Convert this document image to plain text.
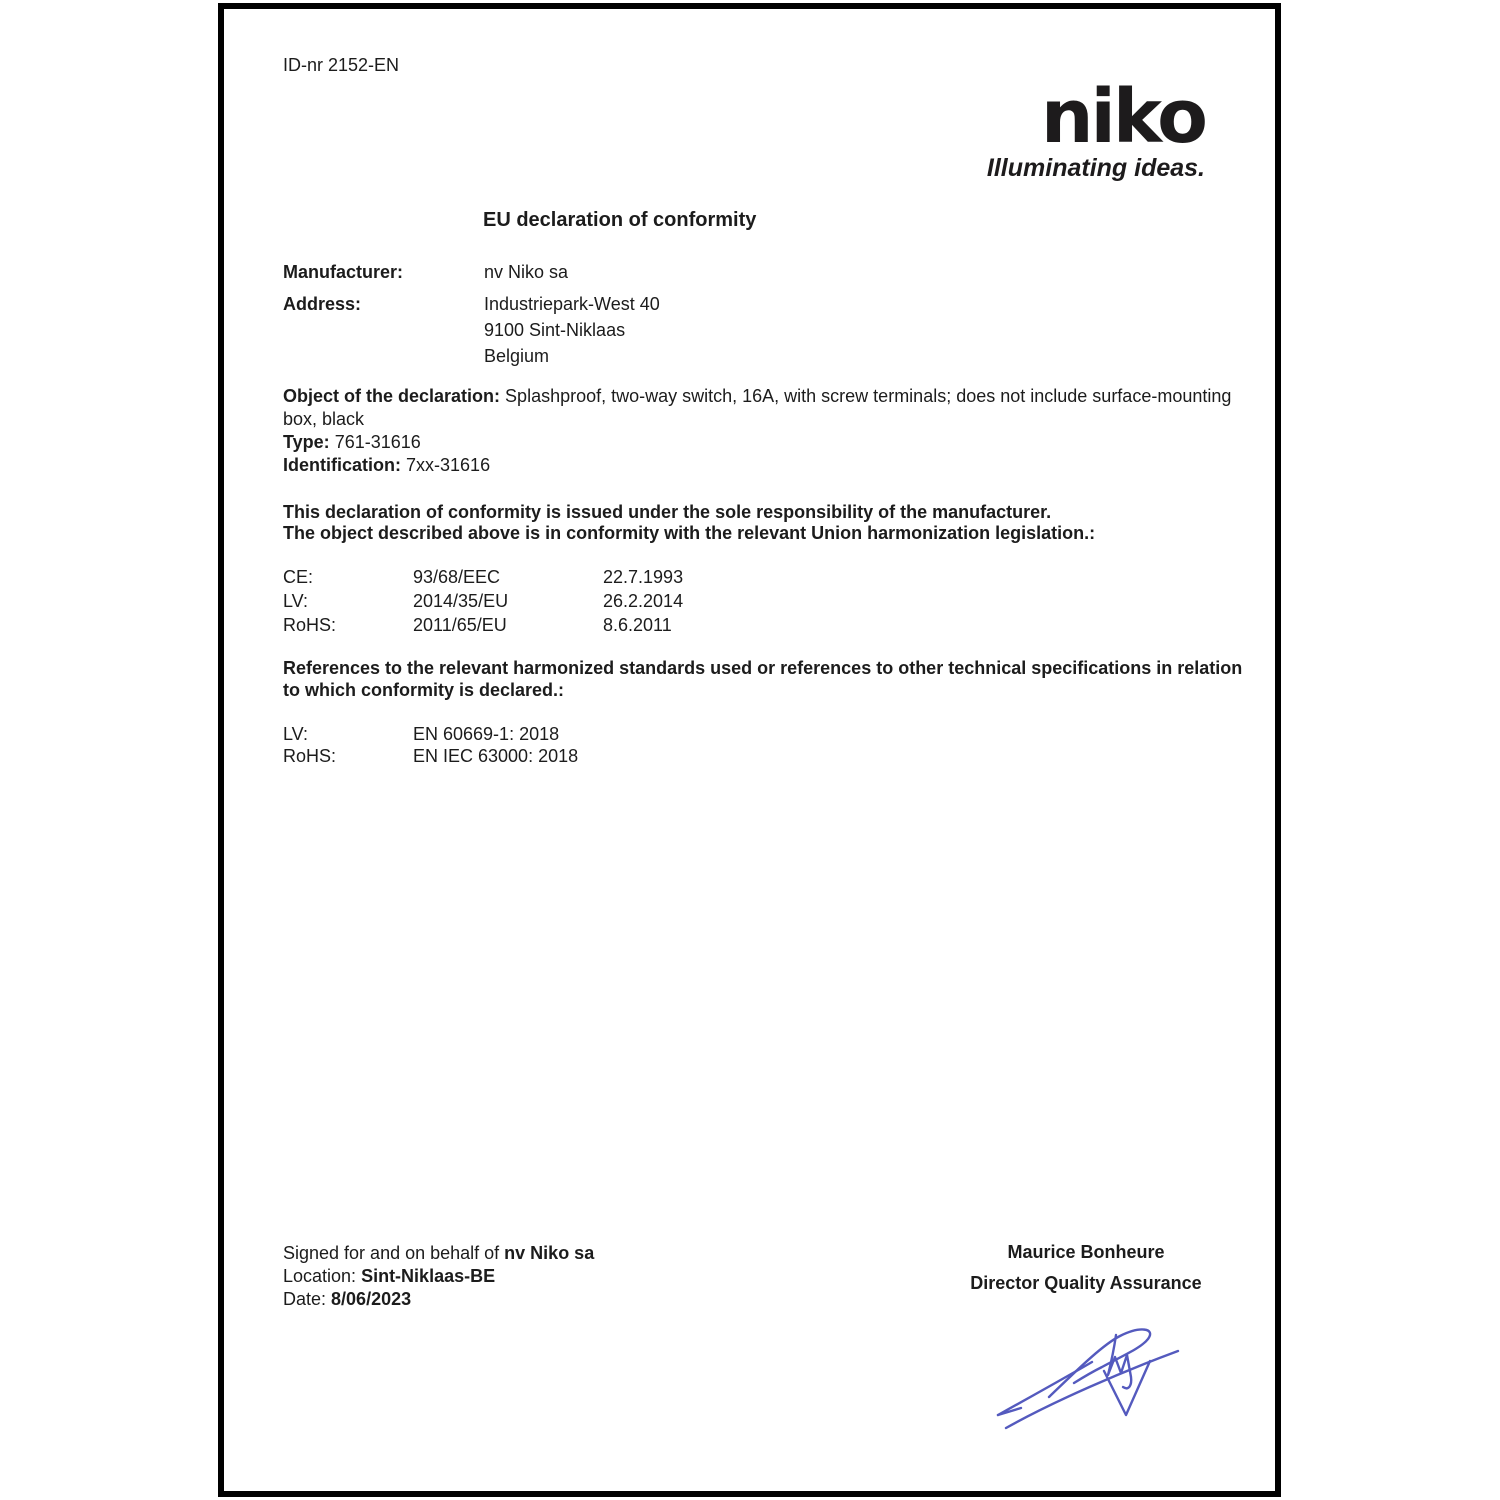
ID-nr 2152-EN
niko
Illuminating ideas.
EU declaration of conformity
Manufacturer:	nv Niko sa
Address:	Industriepark-West 40
9100 Sint-Niklaas
Belgium
Object of the declaration: Splashproof, two-way switch, 16A, with screw terminals; does not include surface-mounting
box, black
Type: 761-31616
Identification: 7xx-31616
This declaration of conformity is issued under the sole responsibility of the manufacturer.
The object described above is in conformity with the relevant Union harmonization legislation.:
CE:	93/68/EEC	22.7.1993
LV:	2014/35/EU	26.2.2014
RoHS:	2011/65/EU	8.6.2011
References to the relevant harmonized standards used or references to other technical specifications in relation
to which conformity is declared.:
LV:	EN 60669-1: 2018
RoHS:	EN IEC 63000: 2018
Signed for and on behalf of nv Niko sa
Location: Sint-Niklaas-BE
Date: 8/06/2023
Maurice Bonheure
Director Quality Assurance
